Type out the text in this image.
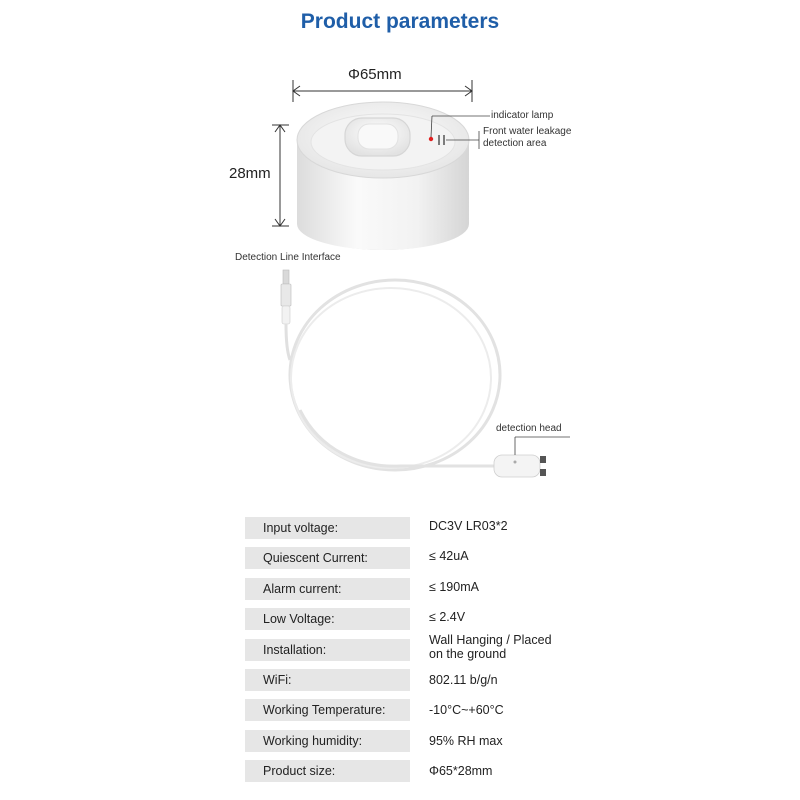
Product parameters
Φ65mm
28mm
indicator lamp
Front water leakage
detection area
Detection Line Interface
detection head
Input voltage:	DC3V LR03*2
Quiescent Current:	≤ 42uA
Alarm current:	≤ 190mA
Low Voltage:	≤ 2.4V
Installation:
Wall Hanging / Placed
on the ground
WiFi:	802.11 b/g/n
Working Temperature:	-10°C~+60°C
Working humidity:	95% RH max
Product size:	Φ65*28mm
